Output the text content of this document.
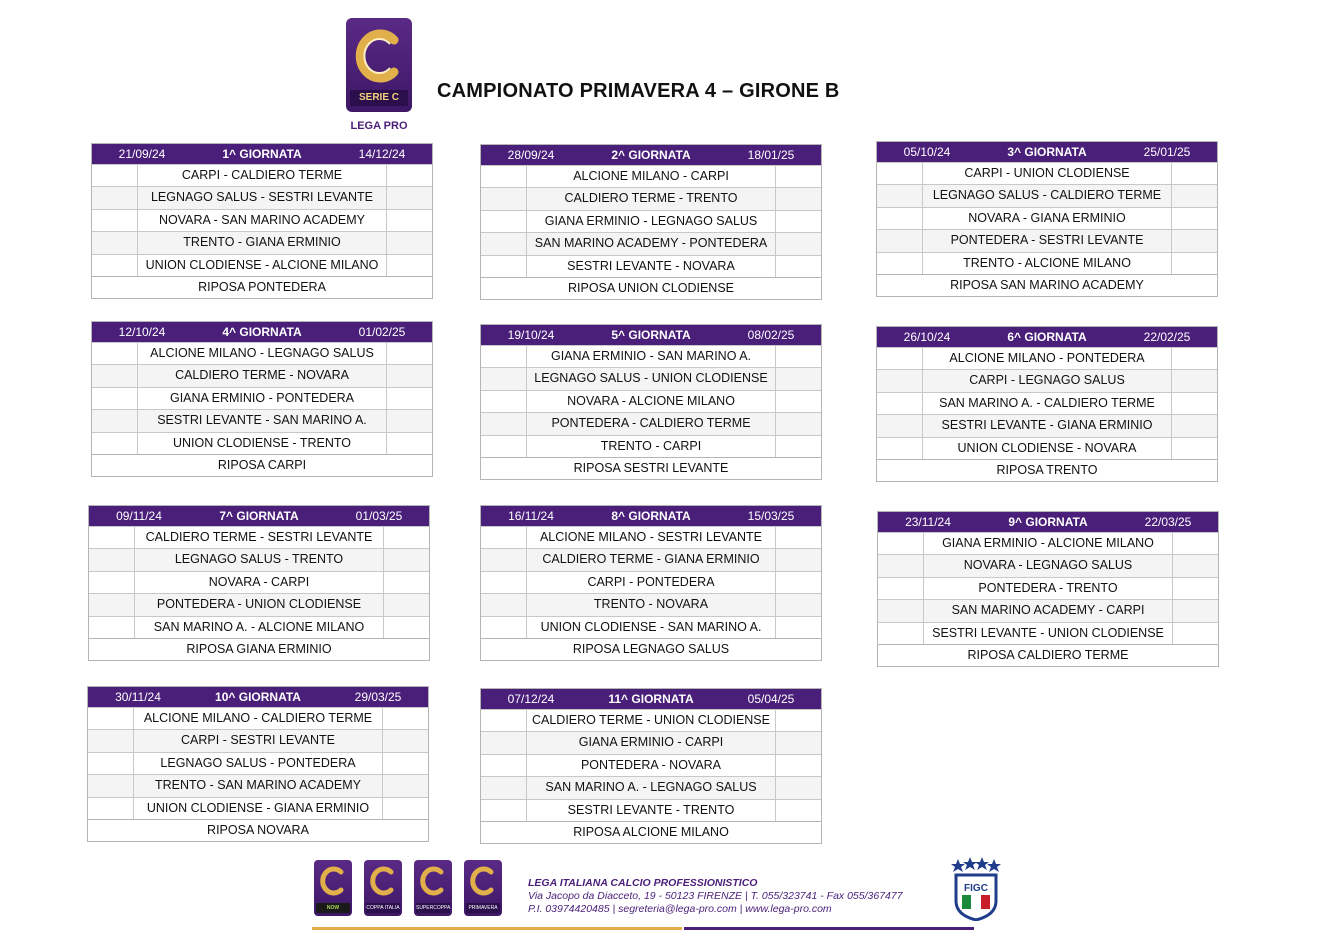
SERIE C
LEGA PRO
CAMPIONATO PRIMAVERA 4 – GIRONE B
21/09/24	1^ GIORNATA	14/12/24
CARPI - CALDIERO TERME
LEGNAGO SALUS - SESTRI LEVANTE
NOVARA - SAN MARINO ACADEMY
TRENTO - GIANA ERMINIO
UNION CLODIENSE - ALCIONE MILANO
RIPOSA PONTEDERA
28/09/24	2^ GIORNATA	18/01/25
ALCIONE MILANO - CARPI
CALDIERO TERME - TRENTO
GIANA ERMINIO - LEGNAGO SALUS
SAN MARINO ACADEMY - PONTEDERA
SESTRI LEVANTE - NOVARA
RIPOSA UNION CLODIENSE
05/10/24	3^ GIORNATA	25/01/25
CARPI - UNION CLODIENSE
LEGNAGO SALUS - CALDIERO TERME
NOVARA - GIANA ERMINIO
PONTEDERA - SESTRI LEVANTE
TRENTO - ALCIONE MILANO
RIPOSA SAN MARINO ACADEMY
12/10/24	4^ GIORNATA	01/02/25
ALCIONE MILANO - LEGNAGO SALUS
CALDIERO TERME - NOVARA
GIANA ERMINIO - PONTEDERA
SESTRI LEVANTE - SAN MARINO A.
UNION CLODIENSE - TRENTO
RIPOSA CARPI
19/10/24	5^ GIORNATA	08/02/25
GIANA ERMINIO - SAN MARINO A.
LEGNAGO SALUS - UNION CLODIENSE
NOVARA - ALCIONE MILANO
PONTEDERA - CALDIERO TERME
TRENTO - CARPI
RIPOSA SESTRI LEVANTE
26/10/24	6^ GIORNATA	22/02/25
ALCIONE MILANO - PONTEDERA
CARPI - LEGNAGO SALUS
SAN MARINO A. - CALDIERO TERME
SESTRI LEVANTE - GIANA ERMINIO
UNION CLODIENSE - NOVARA
RIPOSA TRENTO
09/11/24	7^ GIORNATA	01/03/25
CALDIERO TERME - SESTRI LEVANTE
LEGNAGO SALUS - TRENTO
NOVARA - CARPI
PONTEDERA - UNION CLODIENSE
SAN MARINO A. - ALCIONE MILANO
RIPOSA GIANA ERMINIO
16/11/24	8^ GIORNATA	15/03/25
ALCIONE MILANO - SESTRI LEVANTE
CALDIERO TERME - GIANA ERMINIO
CARPI - PONTEDERA
TRENTO - NOVARA
UNION CLODIENSE - SAN MARINO A.
RIPOSA LEGNAGO SALUS
23/11/24	9^ GIORNATA	22/03/25
GIANA ERMINIO - ALCIONE MILANO
NOVARA - LEGNAGO SALUS
PONTEDERA - TRENTO
SAN MARINO ACADEMY - CARPI
SESTRI LEVANTE - UNION CLODIENSE
RIPOSA CALDIERO TERME
30/11/24	10^ GIORNATA	29/03/25
ALCIONE MILANO - CALDIERO TERME
CARPI - SESTRI LEVANTE
LEGNAGO SALUS - PONTEDERA
TRENTO - SAN MARINO ACADEMY
UNION CLODIENSE - GIANA ERMINIO
RIPOSA NOVARA
07/12/24	11^ GIORNATA	05/04/25
CALDIERO TERME - UNION CLODIENSE
GIANA ERMINIO - CARPI
PONTEDERA - NOVARA
SAN MARINO A. - LEGNAGO SALUS
SESTRI LEVANTE - TRENTO
RIPOSA ALCIONE MILANO
NOW	COPPA ITALIA	SUPERCOPPA	PRIMAVERA
LEGA ITALIANA CALCIO PROFESSIONISTICO
Via Jacopo da Diacceto, 19 - 50123 FIRENZE | T. 055/323741 - Fax 055/367477
P.I. 03974420485 | segreteria@lega-pro.com | www.lega-pro.com
FIGC
